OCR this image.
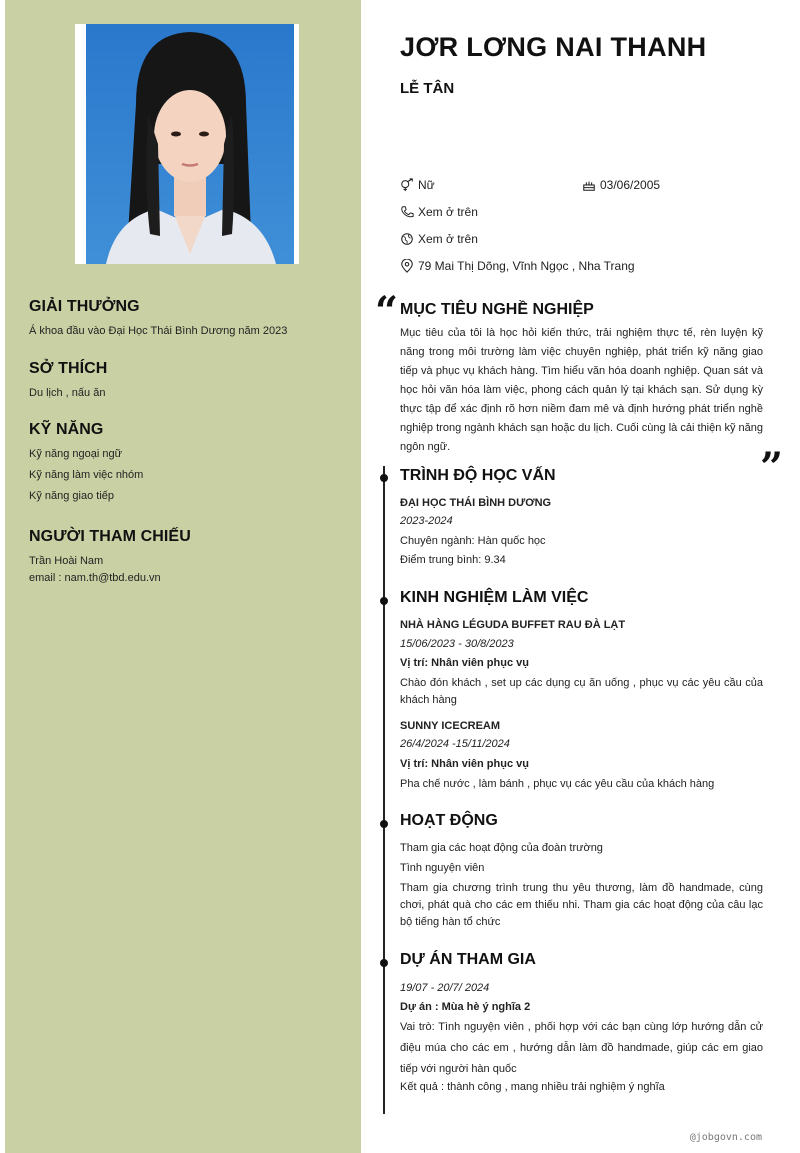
GIẢI THƯỞNG
Á khoa đầu vào Đại Học Thái Bình Dương năm 2023
SỞ THÍCH
Du lịch , nấu ăn
KỸ NĂNG
Kỹ năng ngoại ngữ
Kỹ năng làm việc nhóm
Kỹ năng giao tiếp
NGƯỜI THAM CHIẾU
Trần Hoài Nam
email : nam.th@tbd.edu.vn
JƠR LƠNG NAI THANH
LỄ TÂN
Nữ	03/06/2005
Xem ở trên
Xem ở trên
79 Mai Thị Dõng, Vĩnh Ngọc , Nha Trang
“ MỤC TIÊU NGHỀ NGHIỆP
Mục tiêu của tôi là học hỏi kiến thức, trải nghiệm thực tế, rèn luyện kỹ năng trong môi trường làm việc chuyên nghiệp, phát triển kỹ năng giao tiếp và phục vụ khách hàng. Tìm hiểu văn hóa doanh nghiệp. Quan sát và học hỏi văn hóa làm việc, phong cách quản lý tại khách sạn. Sử dụng kỳ thực tập để xác định rõ hơn niềm đam mê và định hướng phát triển nghề nghiệp trong ngành khách sạn hoặc du lịch. Cuối cùng là cải thiện kỹ năng ngôn ngữ.	”
TRÌNH ĐỘ HỌC VẤN
ĐẠI HỌC THÁI BÌNH DƯƠNG
2023-2024
Chuyên ngành: Hàn quốc học
Điểm trung bình: 9.34
KINH NGHIỆM LÀM VIỆC
NHÀ HÀNG LÉGUDA BUFFET RAU ĐÀ LẠT
15/06/2023 - 30/8/2023
Vị trí: Nhân viên phục vụ
Chào đón khách , set up các dụng cụ ăn uống , phục vụ các yêu cầu của khách hàng
SUNNY ICECREAM
26/4/2024 -15/11/2024
Vị trí: Nhân viên phục vụ
Pha chế nước , làm bánh , phục vụ các yêu cầu của khách hàng
HOẠT ĐỘNG
Tham gia các hoạt động của đoàn trường
Tình nguyện viên
Tham gia chương trình trung thu yêu thương, làm đồ handmade, cùng chơi, phát quà cho các em thiếu nhi. Tham gia các hoạt động của câu lạc bộ tiếng hàn tổ chức
DỰ ÁN THAM GIA
19/07 - 20/7/ 2024
Dự án : Mùa hè ý nghĩa 2
Vai trò: Tình nguyện viên , phối hợp với các bạn cùng lớp hướng dẫn cử điệu múa cho các em , hướng dẫn làm đồ handmade, giúp các em giao tiếp với người hàn quốc
Kết quả : thành công , mang nhiều trải nghiệm ý nghĩa
@jobgovn.com
